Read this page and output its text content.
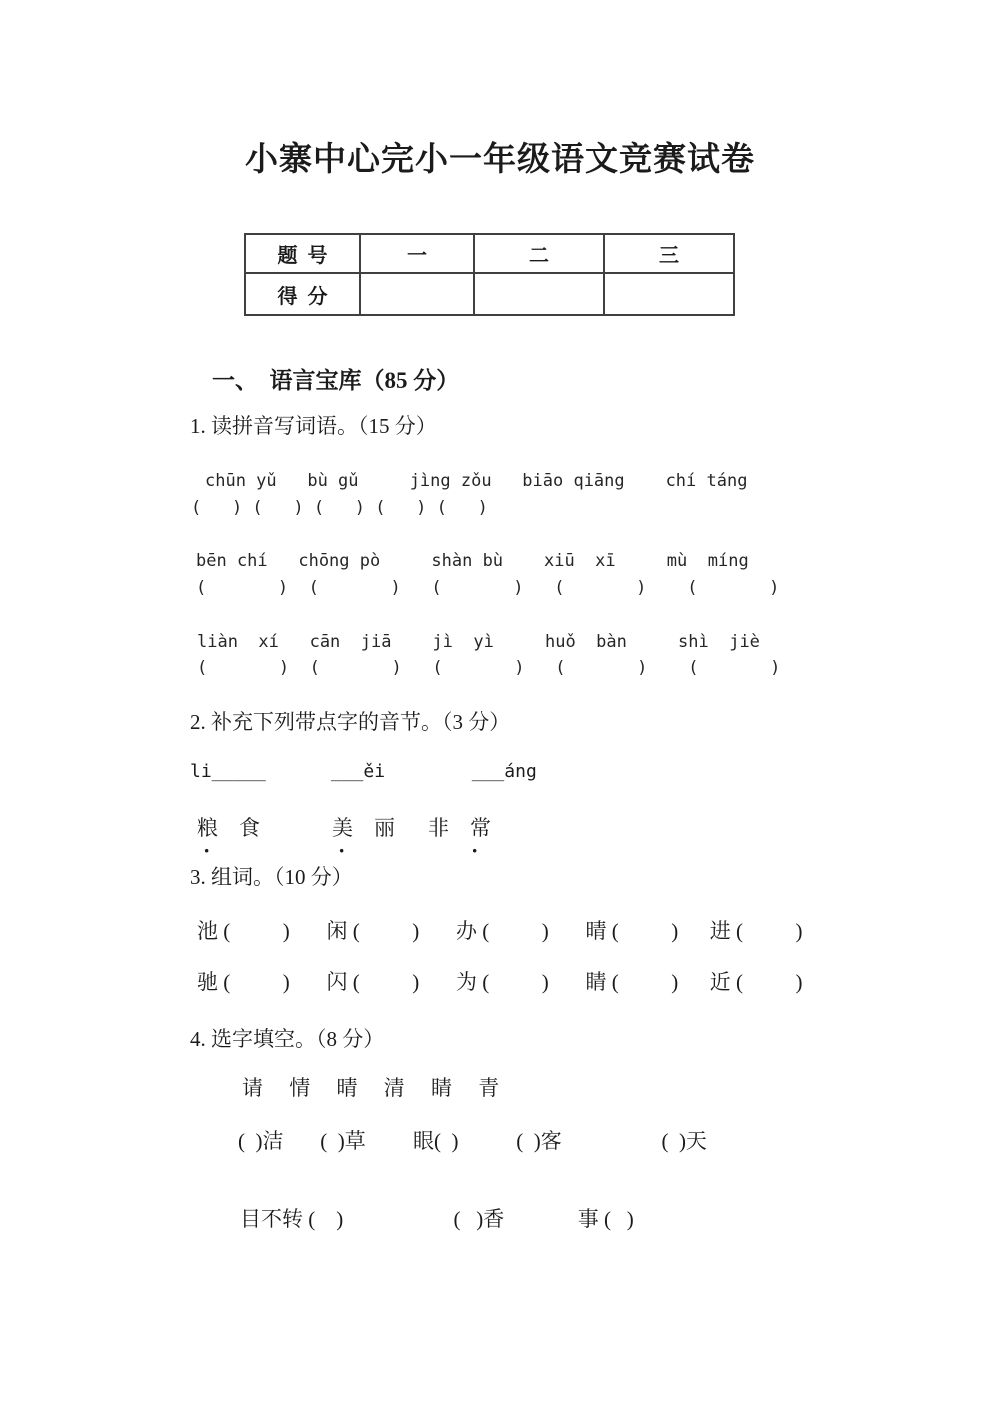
小寨中心完小一年级语文竞赛试卷
题  号	一	二	三
得  分			
一、  语言宝库（85 分）
1. 读拼音写词语。（15 分）
chūn yǔ   bù gǔ     jìng zǒu   biāo qiāng    chí táng
(   ) (   ) (   ) (   ) (   )
bēn chí   chōng pò     shàn bù    xiū  xī     mù  míng
(       )  (       )   (       )   (       )    (       )
liàn  xí   cān  jiā    jì  yì     huǒ  bàn     shì  jiè
(       )  (       )   (       )   (       )    (       )
2. 补充下列带点字的音节。（3 分）
li_____      ___ěi        ___áng
粮    食	美    丽 非    常
·	·	·
3. 组词。（10 分）
池 (          )       闲 (          )       办 (          )       晴 (          )      进 (          )
驰 (          )       闪 (          )       为 (          )       睛 (          )      近 (          )
4. 选字填空。（8 分）
请     情     晴     清     睛     青
(  )洁       (  )草         眼(  )           (  )客                   (  )天
目不转 (    )                     (   )香              事 (   )
